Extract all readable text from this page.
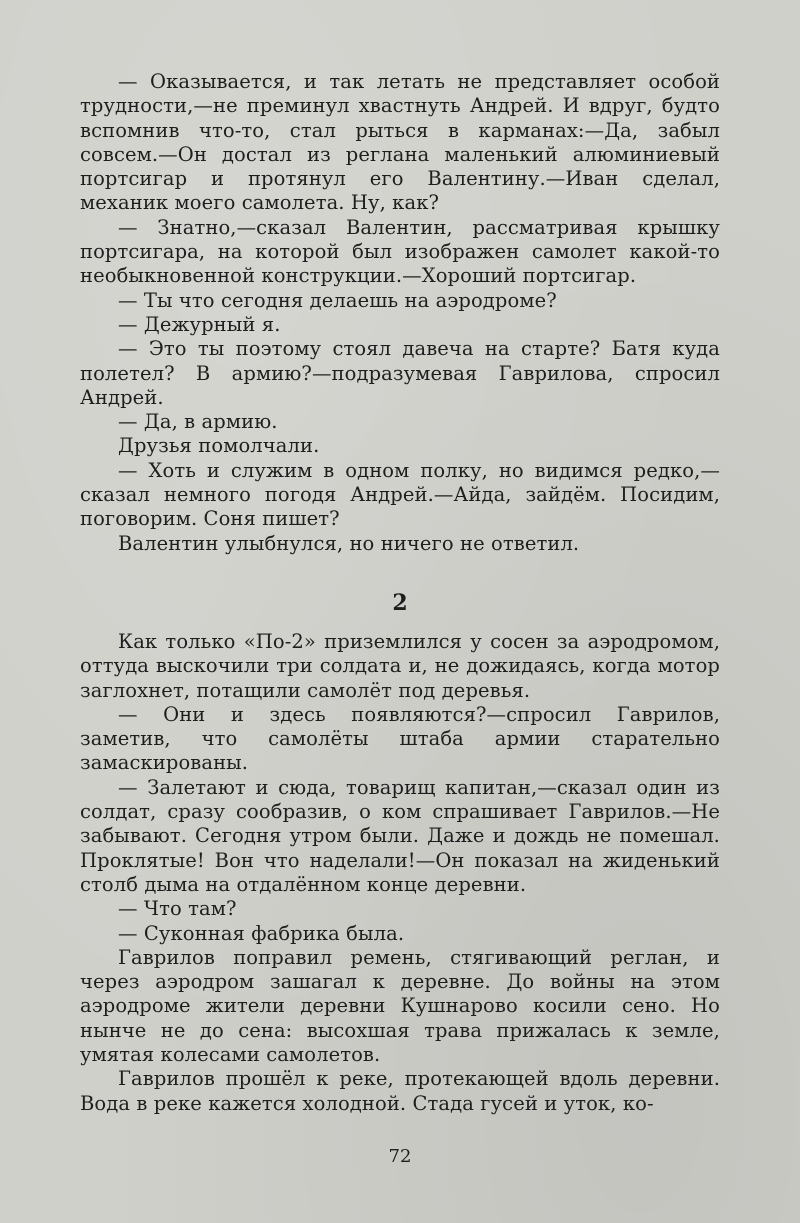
— Оказывается, и так летать не представляет особой трудности,—не преминул хвастнуть Андрей. И вдруг, будто вспомнив что-то, стал рыться в карманах:—Да, забыл совсем.—Он достал из реглана маленький алюминиевый портсигар и протянул его Валентину.—Иван сделал, механик моего самолета. Ну, как?

— Знатно,—сказал Валентин, рассматривая крышку портсигара, на которой был изображен самолет какой-то необыкновенной конструкции.—Хороший портсигар.

— Ты что сегодня делаешь на аэродроме?

— Дежурный я.

— Это ты поэтому стоял давеча на старте? Батя куда полетел? В армию?—подразумевая Гаврилова, спросил Андрей.

— Да, в армию.

Друзья помолчали.

— Хоть и служим в одном полку, но видимся редко,—сказал немного погодя Андрей.—Айда, зайдём. Посидим, поговорим. Соня пишет?

Валентин улыбнулся, но ничего не ответил.

2

Как только «По-2» приземлился у сосен за аэродромом, оттуда выскочили три солдата и, не дожидаясь, когда мотор заглохнет, потащили самолёт под деревья.

— Они и здесь появляются?—спросил Гаврилов, заметив, что самолёты штаба армии старательно замаскированы.

— Залетают и сюда, товарищ капитан,—сказал один из солдат, сразу сообразив, о ком спрашивает Гаврилов.—Не забывают. Сегодня утром были. Даже и дождь не помешал. Проклятые! Вон что наделали!—Он показал на жиденький столб дыма на отдалённом конце деревни.

— Что там?

— Суконная фабрика была.

Гаврилов поправил ремень, стягивающий реглан, и через аэродром зашагал к деревне. До войны на этом аэродроме жители деревни Кушнарово косили сено. Но нынче не до сена: высохшая трава прижалась к земле, умятая колесами самолетов.

Гаврилов прошёл к реке, протекающей вдоль деревни. Вода в реке кажется холодной. Стада гусей и уток, ко-

72
